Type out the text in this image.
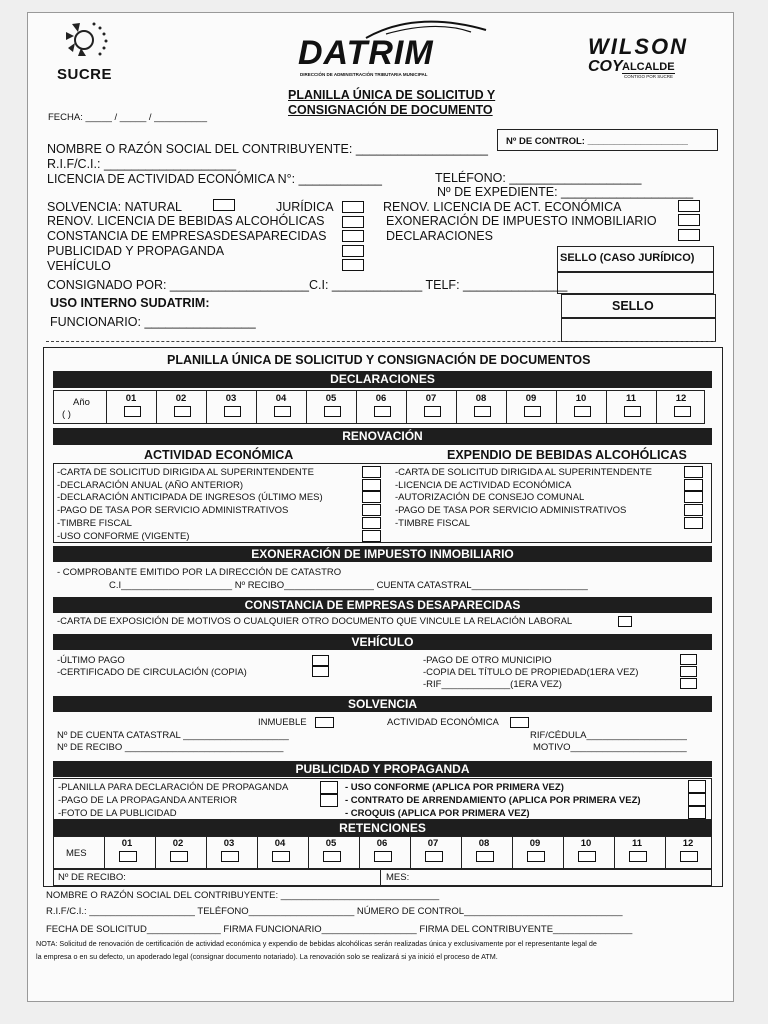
SUCRE
DATRIM
DIRECCIÓN DE ADMINISTRACIÓN TRIBUTARIA MUNICIPAL
WILSON
COY ALCALDE
CONTIGO POR SUCRE
PLANILLA ÚNICA DE SOLICITUD Y
CONSIGNACIÓN DE DOCUMENTO
FECHA: _____ / _____ / __________
Nº DE CONTROL: ___________________
NOMBRE O RAZÓN SOCIAL DEL CONTRIBUYENTE: ___________________
R.I.F/C.I.: ___________________
LICENCIA DE ACTIVIDAD ECONÓMICA N°: ____________	TELÉFONO: ___________________
Nº DE EXPEDIENTE: ___________________
SOLVENCIA: NATURAL	JURÍDICA	RENOV. LICENCIA DE ACT. ECONÓMICA
RENOV. LICENCIA DE BEBIDAS ALCOHÓLICAS	EXONERACIÓN DE IMPUESTO INMOBILIARIO
CONSTANCIA DE EMPRESASDESAPARECIDAS	DECLARACIONES
PUBLICIDAD Y PROPAGANDA
VEHÍCULO
SELLO (CASO JURÍDICO)
CONSIGNADO POR: ____________________C.I: _____________ TELF: _______________
USO INTERNO SUDATRIM:	SELLO
FUNCIONARIO: ________________
PLANILLA ÚNICA DE SOLICITUD Y CONSIGNACIÓN DE DOCUMENTOS
DECLARACIONES
Año
( )
01	02	03	04	05	06	07	08	09	10	11	12
RENOVACIÓN
ACTIVIDAD ECONÓMICA	EXPENDIO DE BEBIDAS ALCOHÓLICAS
-CARTA DE SOLICITUD DIRIGIDA AL SUPERINTENDENTE
-DECLARACIÓN ANUAL (AÑO ANTERIOR)
-DECLARACIÓN ANTICIPADA DE INGRESOS (ÚLTIMO MES)
-PAGO DE TASA POR SERVICIO ADMINISTRATIVOS
-TIMBRE FISCAL
-USO CONFORME (VIGENTE)
-CARTA DE SOLICITUD DIRIGIDA AL SUPERINTENDENTE
-LICENCIA DE ACTIVIDAD ECONÓMICA
-AUTORIZACIÓN DE CONSEJO COMUNAL
-PAGO DE TASA POR SERVICIO ADMINISTRATIVOS
-TIMBRE FISCAL
EXONERACIÓN DE IMPUESTO INMOBILIARIO
- COMPROBANTE EMITIDO POR LA DIRECCIÓN DE CATASTRO
C.I_____________________ Nº RECIBO_________________ CUENTA CATASTRAL______________________
CONSTANCIA DE EMPRESAS DESAPARECIDAS
-CARTA DE EXPOSICIÓN DE MOTIVOS O CUALQUIER OTRO DOCUMENTO QUE VINCULE LA RELACIÓN LABORAL
VEHÍCULO
-ÚLTIMO PAGO
-CERTIFICADO DE CIRCULACIÓN (COPIA)
-PAGO DE OTRO MUNICIPIO
-COPIA DEL TÍTULO DE PROPIEDAD(1ERA VEZ)
-RIF_____________(1ERA VEZ)
SOLVENCIA
INMUEBLE	ACTIVIDAD ECONÓMICA
Nº DE CUENTA CATASTRAL ____________________
Nº DE RECIBO ______________________________
RIF/CÉDULA___________________
MOTIVO______________________
PUBLICIDAD Y PROPAGANDA
-PLANILLA PARA DECLARACIÓN DE PROPAGANDA
-PAGO DE LA PROPAGANDA ANTERIOR
-FOTO DE LA PUBLICIDAD
- USO CONFORME (APLICA POR PRIMERA VEZ)
- CONTRATO DE ARRENDAMIENTO (APLICA POR PRIMERA VEZ)
- CROQUIS (APLICA POR PRIMERA VEZ)
RETENCIONES
MES
01	02	03	04	05	06	07	08	09	10	11	12
Nº DE RECIBO:	MES:
NOMBRE O RAZÓN SOCIAL DEL CONTRIBUYENTE: ______________________________
R.I.F/C.I.: ____________________ TELÉFONO____________________ NÚMERO DE CONTROL______________________________
FECHA DE SOLICITUD______________ FIRMA FUNCIONARIO__________________ FIRMA DEL CONTRIBUYENTE_______________
NOTA: Solicitud de renovación de certificación de actividad económica y expendio de bebidas alcohólicas serán realizadas única y exclusivamente por el representante legal de
la empresa o en su defecto, un apoderado legal (consignar documento notariado). La renovación solo se realizará si ya inició el proceso de ATM.
